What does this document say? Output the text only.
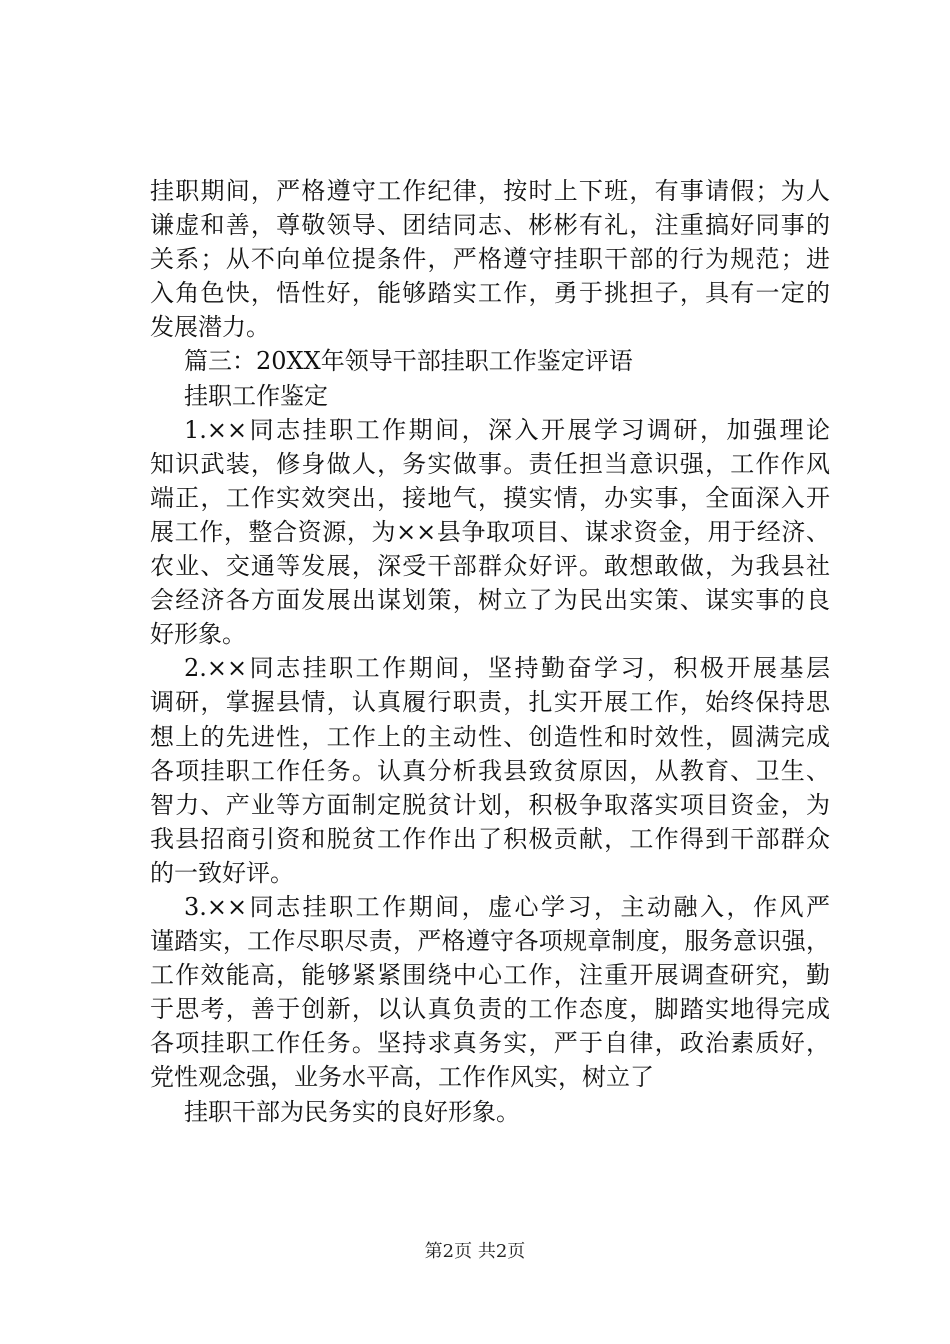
挂职期间，严格遵守工作纪律，按时上下班，有事请假；为人
谦虚和善，尊敬领导、团结同志、彬彬有礼，注重搞好同事的
关系；从不向单位提条件，严格遵守挂职干部的行为规范；进
入角色快，悟性好，能够踏实工作，勇于挑担子，具有一定的
发展潜力。
篇三：20XX年领导干部挂职工作鉴定评语
挂职工作鉴定
1.××同志挂职工作期间，深入开展学习调研，加强理论
知识武装，修身做人，务实做事。责任担当意识强，工作作风
端正，工作实效突出，接地气，摸实情，办实事，全面深入开
展工作，整合资源，为××县争取项目、谋求资金，用于经济、
农业、交通等发展，深受干部群众好评。敢想敢做，为我县社
会经济各方面发展出谋划策，树立了为民出实策、谋实事的良
好形象。
2.××同志挂职工作期间，坚持勤奋学习，积极开展基层
调研，掌握县情，认真履行职责，扎实开展工作，始终保持思
想上的先进性，工作上的主动性、创造性和时效性，圆满完成
各项挂职工作任务。认真分析我县致贫原因，从教育、卫生、
智力、产业等方面制定脱贫计划，积极争取落实项目资金，为
我县招商引资和脱贫工作作出了积极贡献，工作得到干部群众
的一致好评。
3.××同志挂职工作期间，虚心学习，主动融入，作风严
谨踏实，工作尽职尽责，严格遵守各项规章制度，服务意识强，
工作效能高，能够紧紧围绕中心工作，注重开展调查研究，勤
于思考，善于创新，以认真负责的工作态度，脚踏实地得完成
各项挂职工作任务。坚持求真务实，严于自律，政治素质好，
党性观念强，业务水平高，工作作风实，树立了
挂职干部为民务实的良好形象。
第2页 共2页
